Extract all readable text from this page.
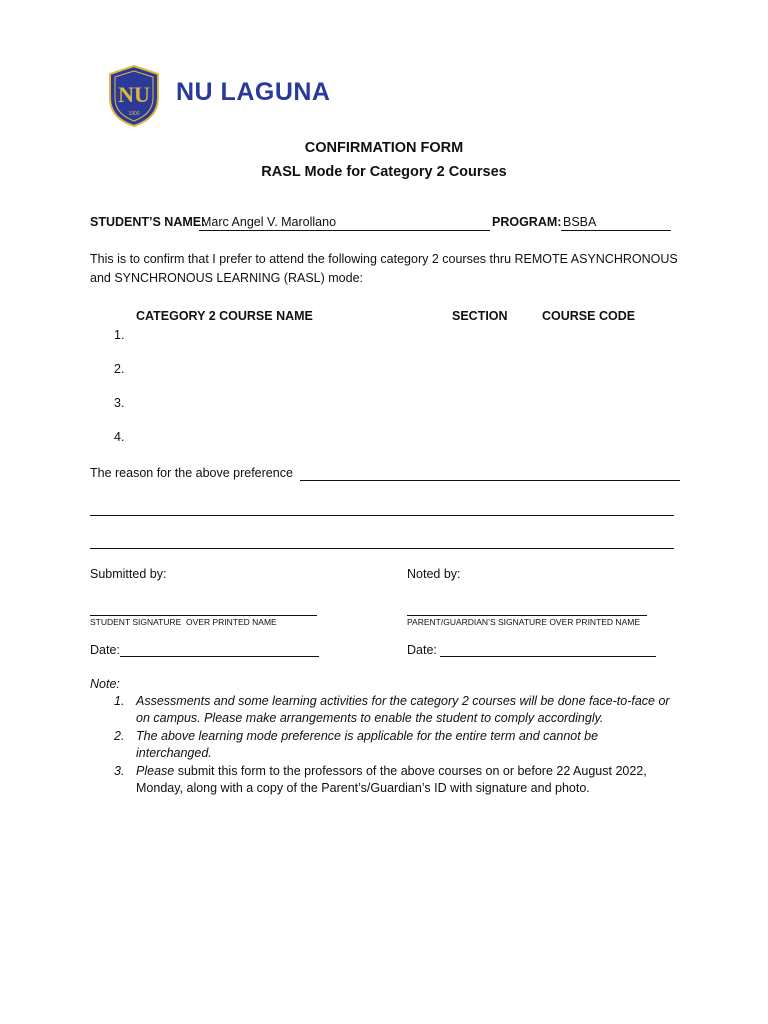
NU
1900
NU LAGUNA
CONFIRMATION FORM
RASL Mode for Category 2 Courses
STUDENT’S NAME:
Marc Angel V. Marollano	PROGRAM: BSBA
This is to confirm that I prefer to attend the following category 2 courses thru REMOTE ASYNCHRONOUS
and SYNCHRONOUS LEARNING (RASL) mode:
CATEGORY 2 COURSE NAME	SECTION	COURSE CODE
1.
2.
3.
4.
The reason for the above preference
Submitted by:	Noted by:
STUDENT SIGNATURE  OVER PRINTED NAME	PARENT/GUARDIAN’S SIGNATURE OVER PRINTED NAME
Date:	Date:
Note:
1. Assessments and some learning activities for the category 2 courses will be done face-to-face or
on campus. Please make arrangements to enable the student to comply accordingly.
2. The above learning mode preference is applicable for the entire term and cannot be
interchanged.
3. Please submit this form to the professors of the above courses on or before 22 August 2022,
Monday, along with a copy of the Parent’s/Guardian’s ID with signature and photo.
